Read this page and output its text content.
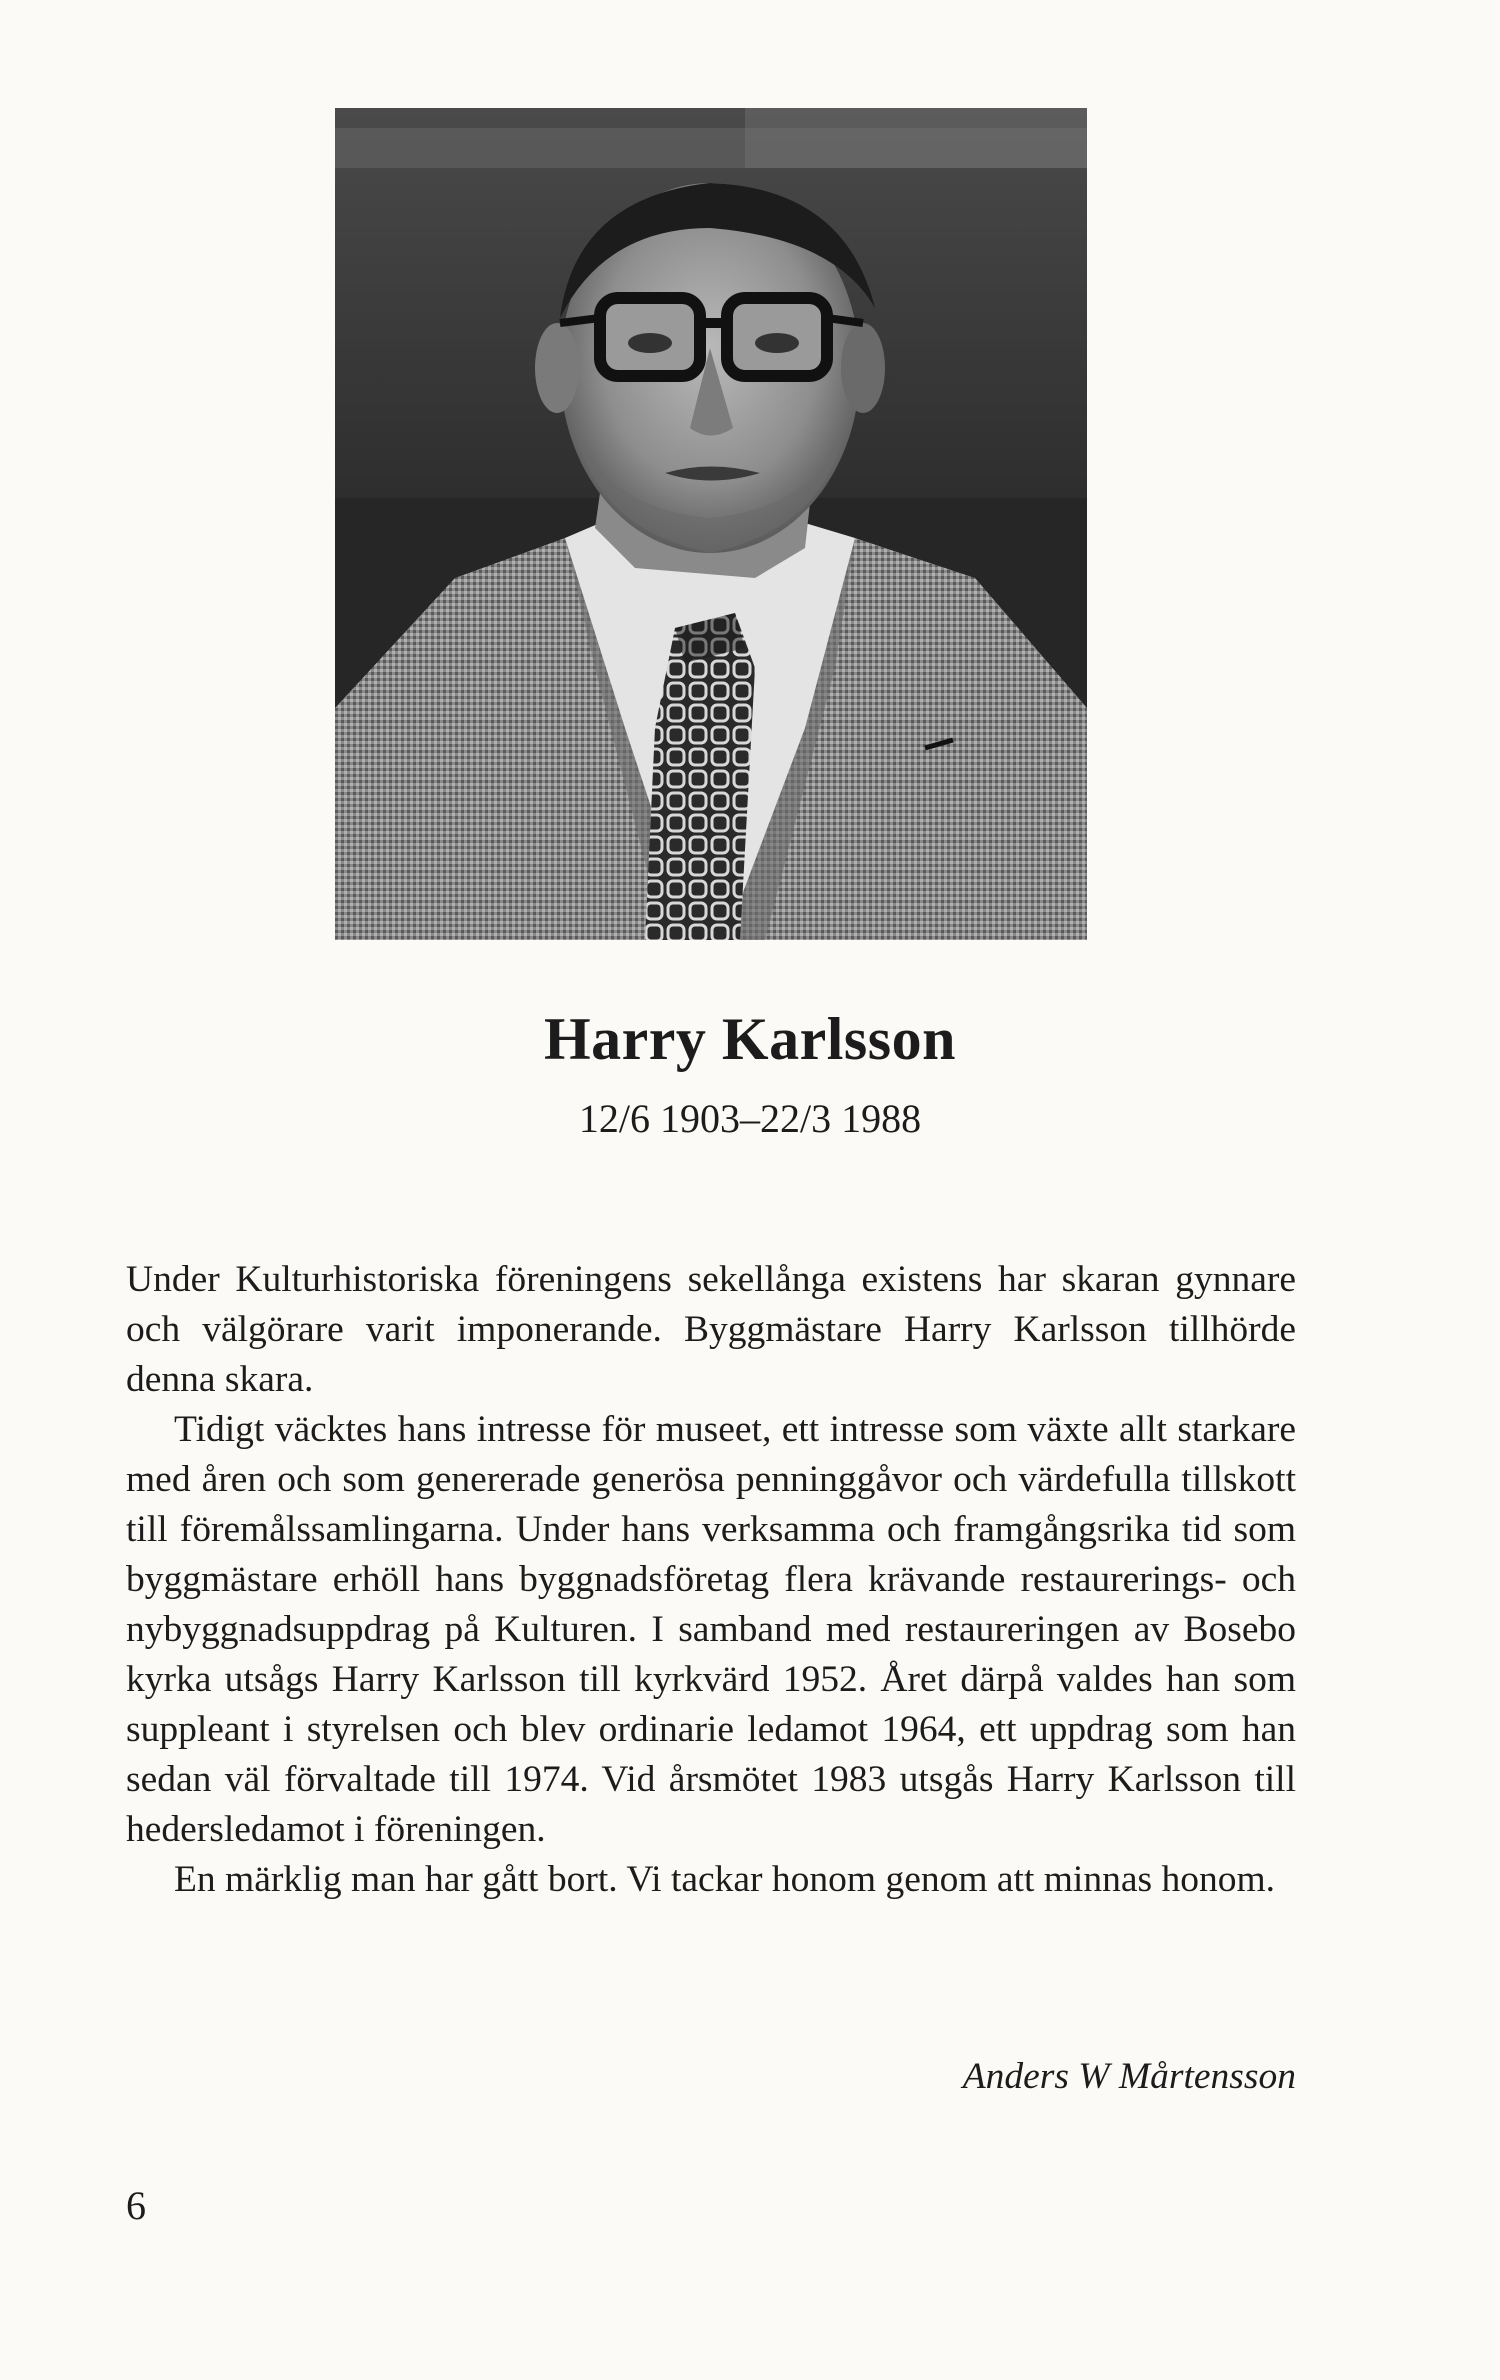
Harry Karlsson
12/6 1903–22/3 1988

Under Kulturhistoriska föreningens sekellånga existens har skaran gynnare och välgörare varit imponerande. Byggmästare Harry Karlsson tillhörde denna skara.

Tidigt väcktes hans intresse för museet, ett intresse som växte allt starkare med åren och som genererade generösa penninggåvor och värdefulla tillskott till föremålssamlingarna. Under hans verksamma och framgångsrika tid som byggmästare erhöll hans byggnadsföretag flera krävande restaurerings- och nybyggnadsuppdrag på Kulturen. I samband med restaureringen av Bosebo kyrka utsågs Harry Karlsson till kyrkvärd 1952. Året därpå valdes han som suppleant i styrelsen och blev ordinarie ledamot 1964, ett uppdrag som han sedan väl förvaltade till 1974. Vid årsmötet 1983 utsgås Harry Karlsson till hedersledamot i föreningen.

En märklig man har gått bort. Vi tackar honom genom att minnas honom.

Anders W Mårtensson
6
